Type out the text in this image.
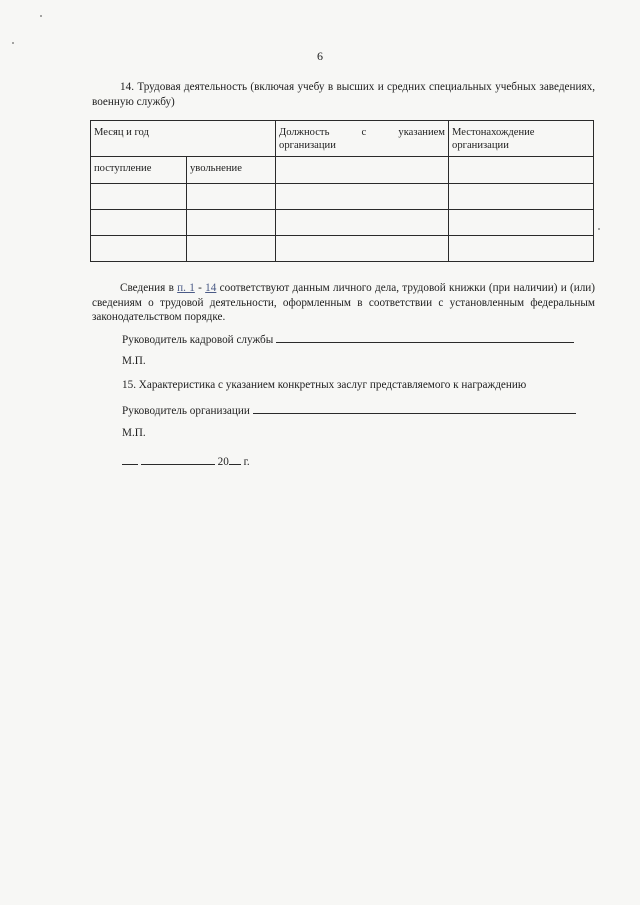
6
14. Трудовая деятельность (включая учебу в высших и средних специальных учебных заведениях, военную службу)
Месяц и год		Должность с указанием организации	Местонахождение организации
поступление	увольнение		

Сведения в п. 1 - 14 соответствуют данным личного дела, трудовой книжки (при наличии) и (или) сведениям о трудовой деятельности, оформленным в соответствии с установленным федеральным законодательством порядке.
Руководитель кадровой службы
М.П.
15. Характеристика с указанием конкретных заслуг представляемого к награждению
Руководитель организации
М.П.
20 г.
